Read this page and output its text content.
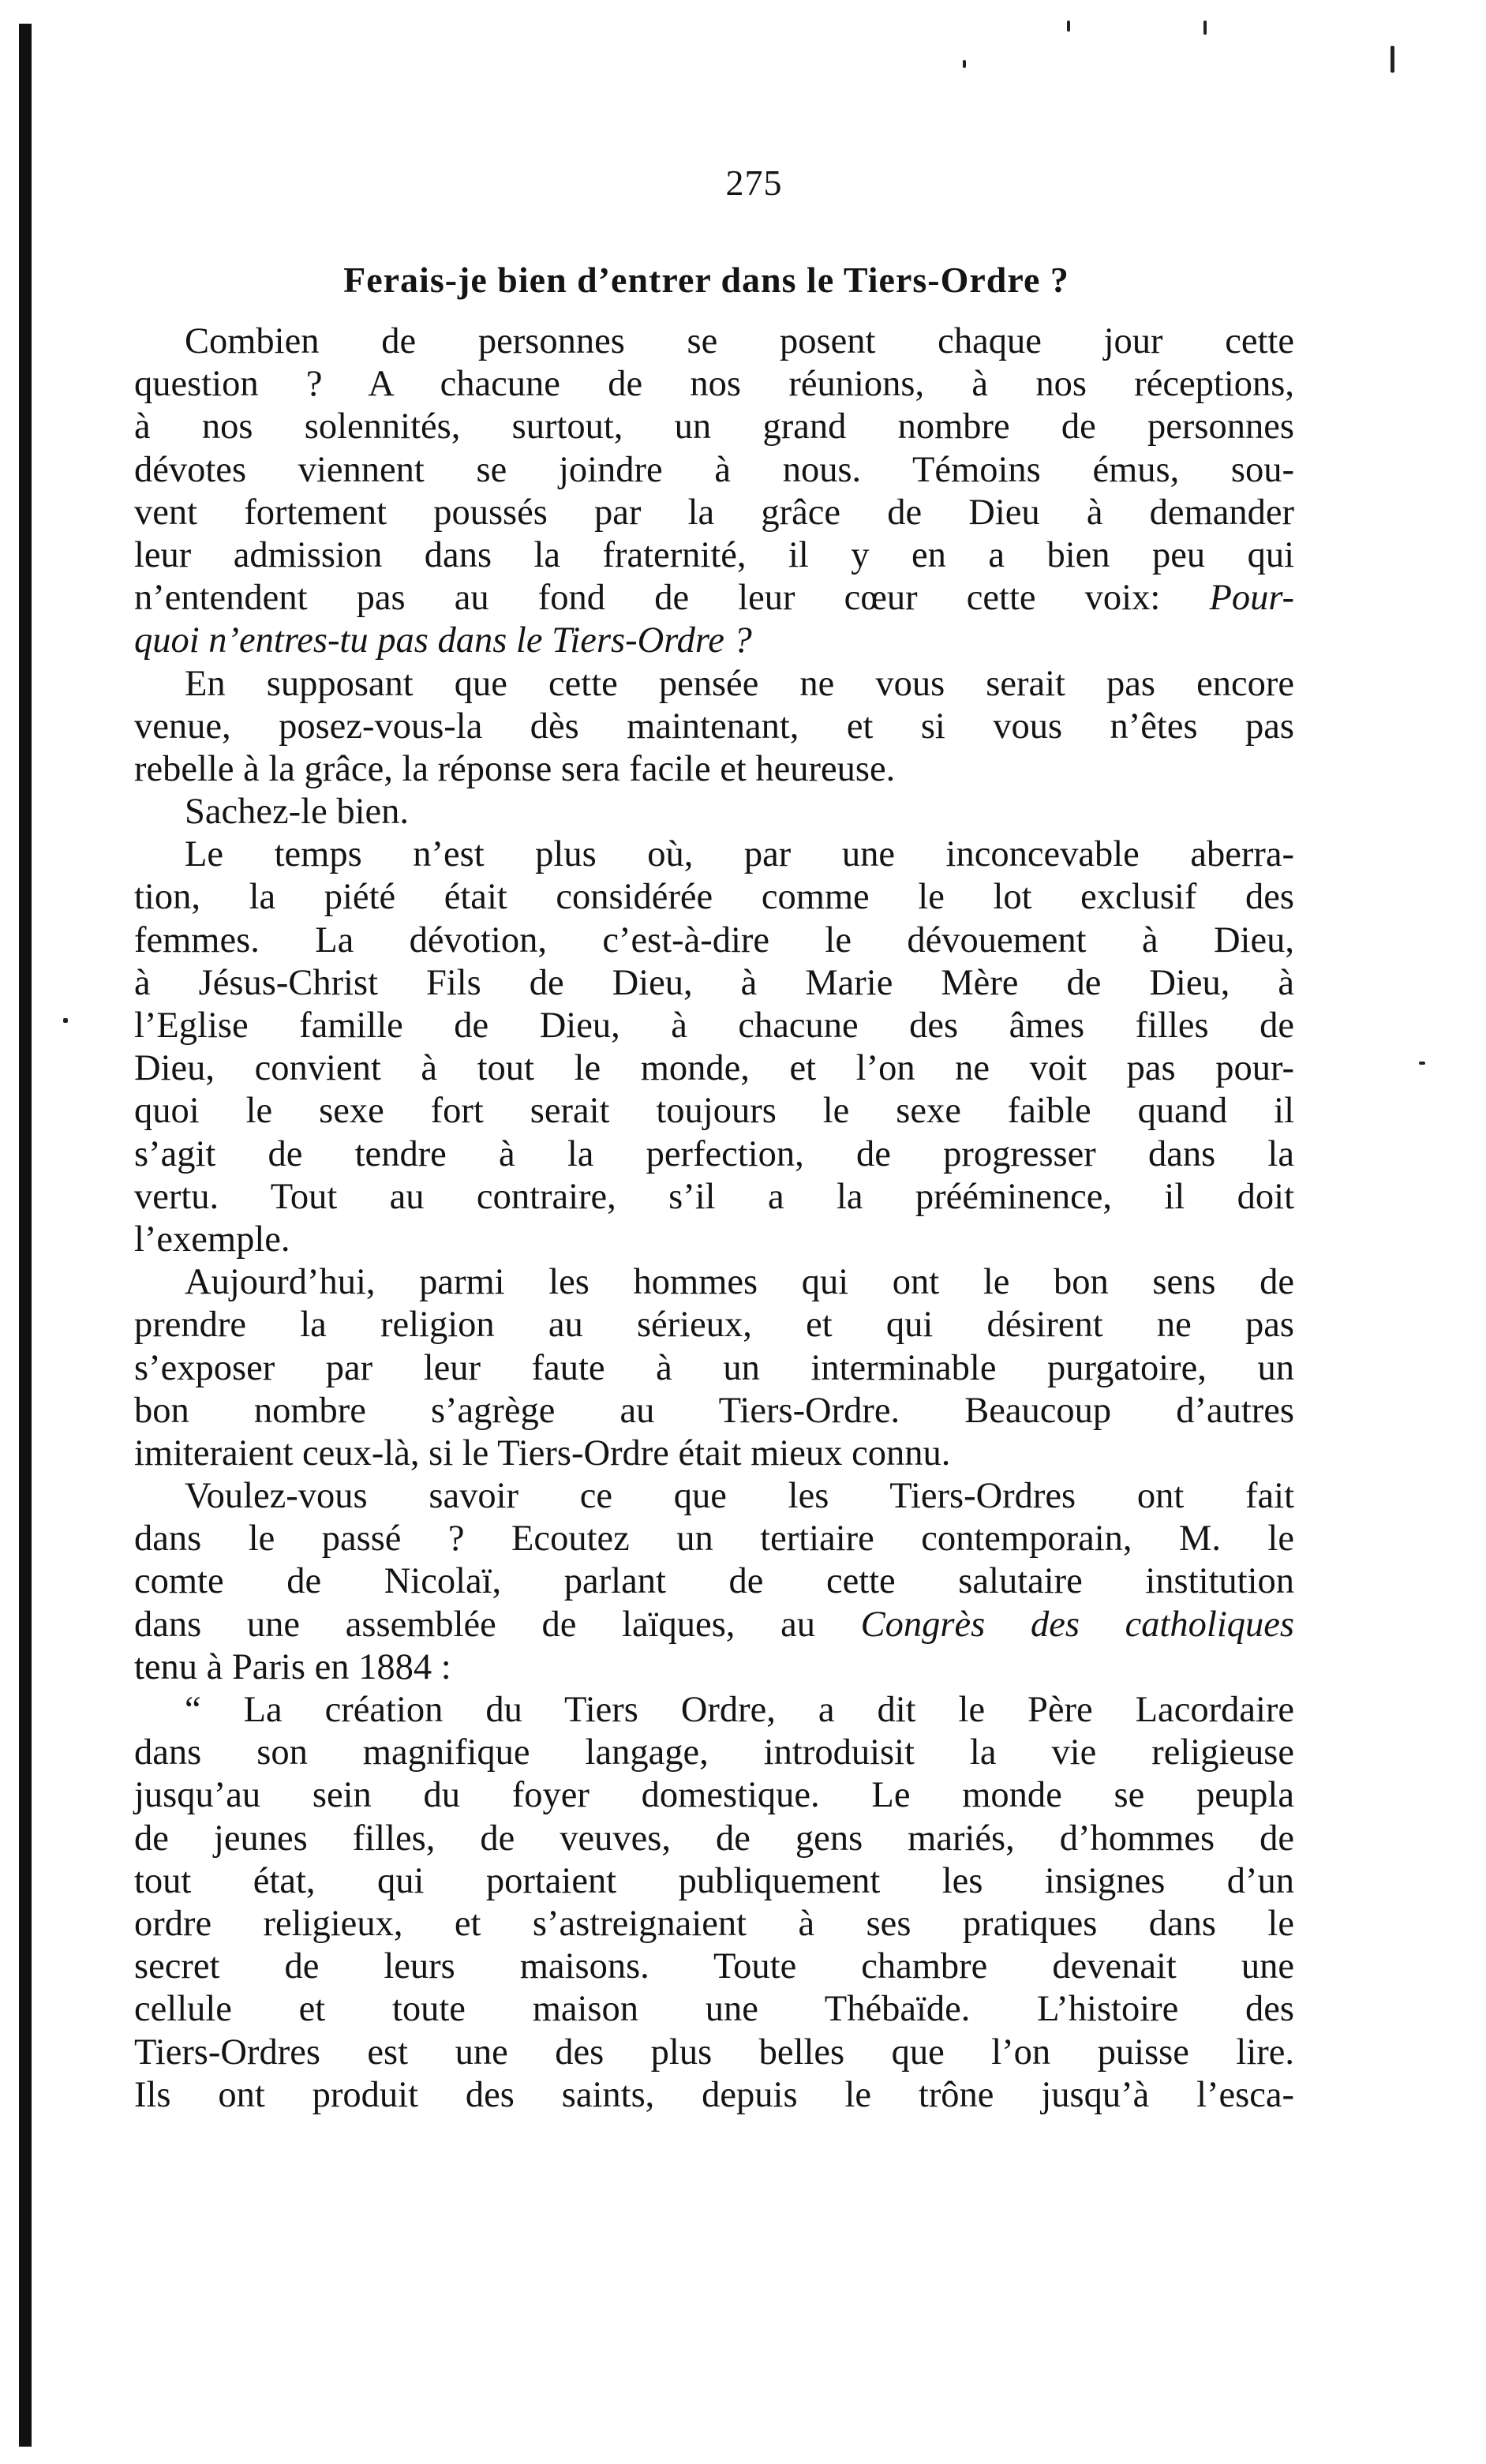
275
Ferais-je bien d’entrer dans le Tiers-Ordre ?
Combien de personnes se posent chaque jour cette
question ? A chacune de nos réunions, à nos réceptions,
à nos solennités, surtout, un grand nombre de personnes
dévotes viennent se joindre à nous. Témoins émus, sou-
vent fortement poussés par la grâce de Dieu à demander
leur admission dans la fraternité, il y en a bien peu qui
n’entendent pas au fond de leur cœur cette voix: Pour-
quoi n’entres-tu pas dans le Tiers-Ordre ?
En supposant que cette pensée ne vous serait pas encore
venue, posez-vous-la dès maintenant, et si vous n’êtes pas
rebelle à la grâce, la réponse sera facile et heureuse.
Sachez-le bien.
Le temps n’est plus où, par une inconcevable aberra-
tion, la piété était considérée comme le lot exclusif des
femmes. La dévotion, c’est-à-dire le dévouement à Dieu,
à Jésus-Christ Fils de Dieu, à Marie Mère de Dieu, à
l’Eglise famille de Dieu, à chacune des âmes filles de
Dieu, convient à tout le monde, et l’on ne voit pas pour-
quoi le sexe fort serait toujours le sexe faible quand il
s’agit de tendre à la perfection, de progresser dans la
vertu. Tout au contraire, s’il a la prééminence, il doit
l’exemple.
Aujourd’hui, parmi les hommes qui ont le bon sens de
prendre la religion au sérieux, et qui désirent ne pas
s’exposer par leur faute à un interminable purgatoire, un
bon nombre s’agrège au Tiers-Ordre. Beaucoup d’autres
imiteraient ceux-là, si le Tiers-Ordre était mieux connu.
Voulez-vous savoir ce que les Tiers-Ordres ont fait
dans le passé ? Ecoutez un tertiaire contemporain, M. le
comte de Nicolaï, parlant de cette salutaire institution
dans une assemblée de laïques, au Congrès des catholiques
tenu à Paris en 1884 :
“ La création du Tiers Ordre, a dit le Père Lacordaire
dans son magnifique langage, introduisit la vie religieuse
jusqu’au sein du foyer domestique. Le monde se peupla
de jeunes filles, de veuves, de gens mariés, d’hommes de
tout état, qui portaient publiquement les insignes d’un
ordre religieux, et s’astreignaient à ses pratiques dans le
secret de leurs maisons. Toute chambre devenait une
cellule et toute maison une Thébaïde. L’histoire des
Tiers-Ordres est une des plus belles que l’on puisse lire.
Ils ont produit des saints, depuis le trône jusqu’à l’esca-
